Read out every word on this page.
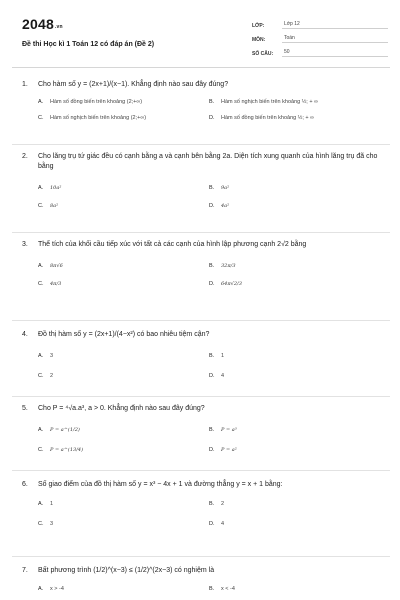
2048.vn
Đề thi Học kì 1 Toán 12 có đáp án (Đề 2)
LỚP:	Lớp 12
MÔN:	Toán
SỐ CÂU:	50
1.	Cho hàm số y = (2x+1)/(x−1). Khẳng định nào sau đây đúng?
A.	Hàm số đồng biến trên khoảng (2;+∞)	B.	Hàm số nghịch biến trên khoảng ½; + ∞
C.	Hàm số nghịch biến trên khoảng (2;+∞)	D.	Hàm số đồng biến trên khoảng ½; + ∞
2.	Cho lăng trụ tứ giác đều có cạnh bằng a và cạnh bên bằng 2a. Diện tích xung quanh của hình lăng trụ đã cho bằng
A.	10a²	B.	9a²
C.	8a²	D.	4a²
3.	Thể tích của khối cầu tiếp xúc với tất cả các cạnh của hình lập phương cạnh 2√2 bằng
A.	8π√6	B.	32π/3
C.	4π/3	D.	64π√2/3
4.	Đồ thị hàm số y = (2x+1)/(4−x²) có bao nhiêu tiệm cận?
A.	3	B.	1
C.	2	D.	4
5.	Cho P = ⁴√a.a³, a > 0. Khẳng định nào sau đây đúng?
A.	P = a^(1/2)	B.	P = a³
C.	P = a^(13/4)	D.	P = a²
6.	Số giao điểm của đồ thị hàm số y = x³ − 4x + 1 và đường thẳng y = x + 1 bằng:
A.	1	B.	2
C.	3	D.	4
7.	Bất phương trình (1/2)^(x−3) ≤ (1/2)^(2x−3) có nghiệm là
A.	x > -4	B.	x < -4
